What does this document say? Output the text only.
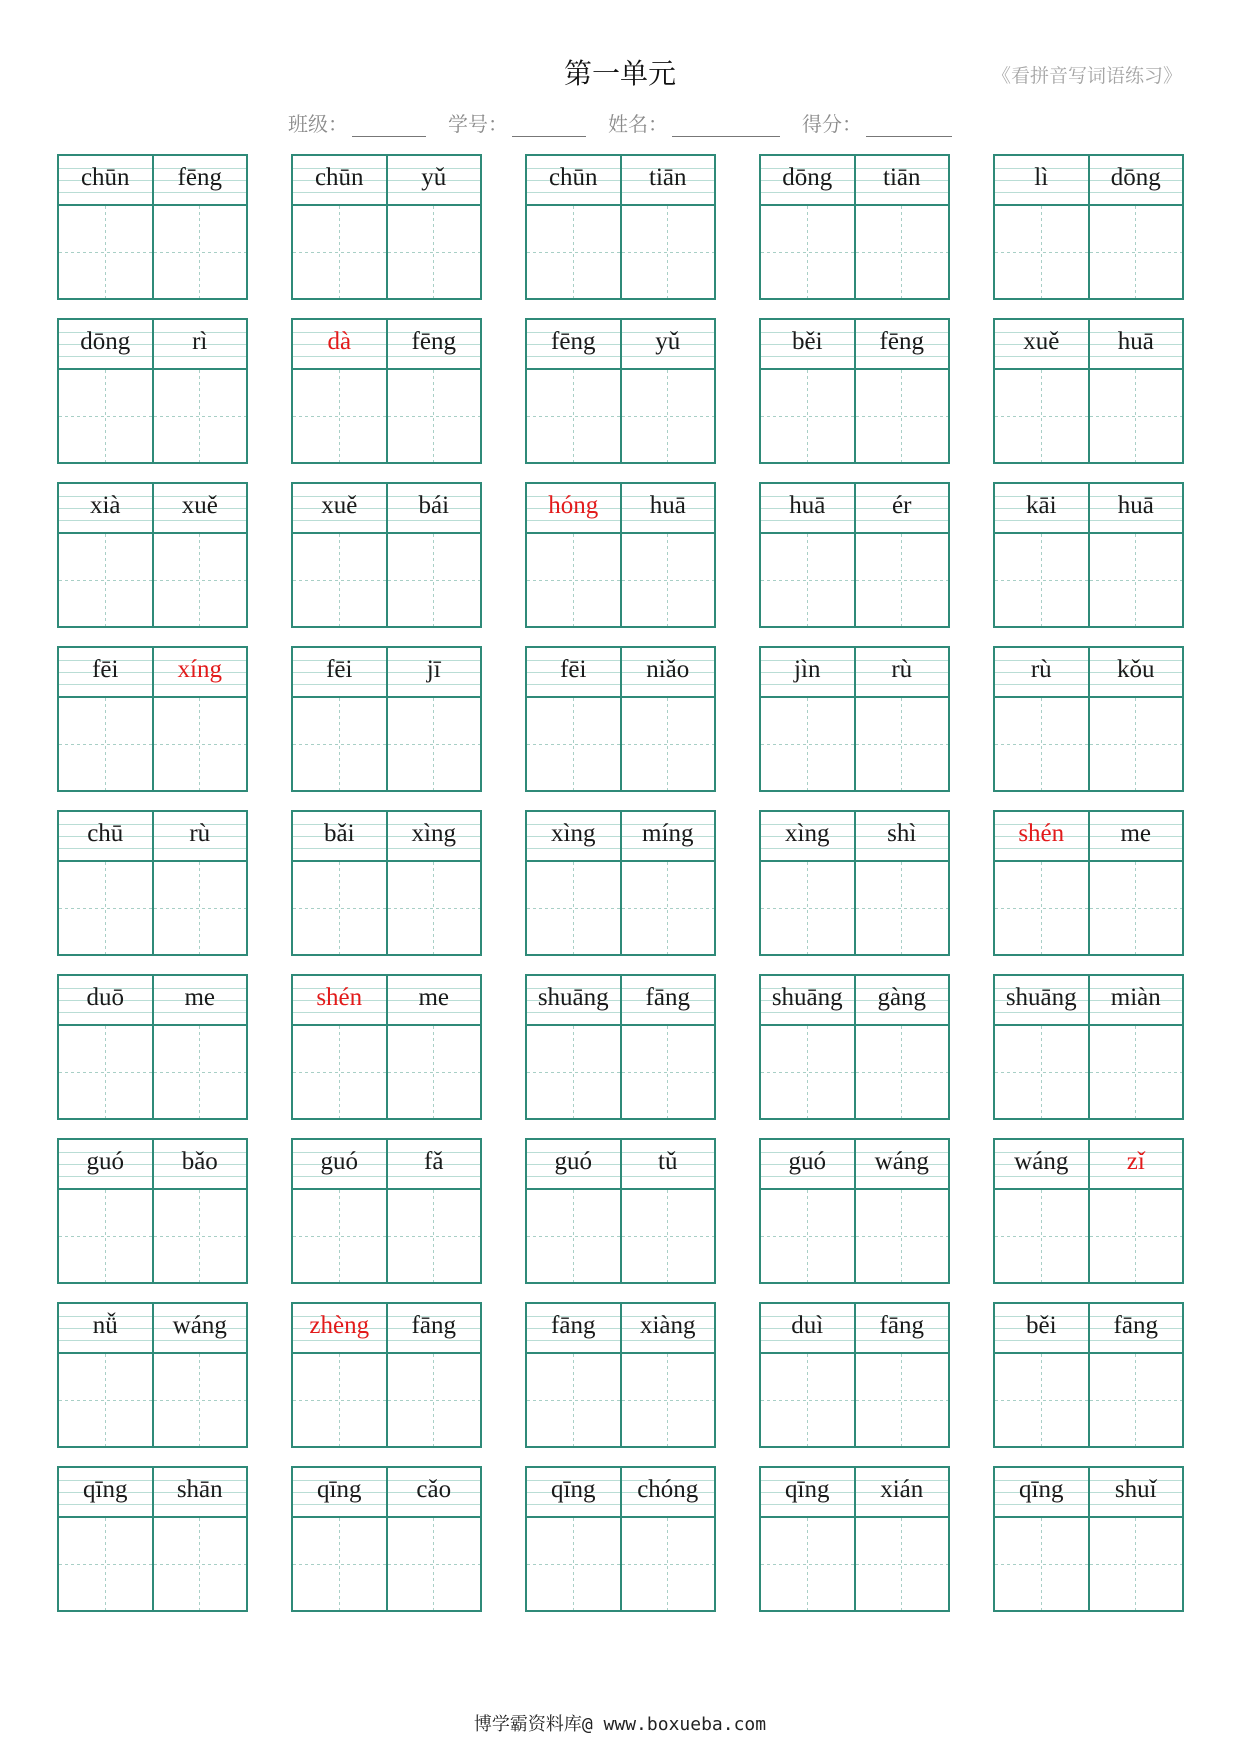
第一单元	《看拼音写词语练习》
班级：	学号：	姓名：	得分：
chūn	fēng	chūn	yǔ	chūn	tiān	dōng	tiān	lì	dōng
dōng	rì	dà	fēng	fēng	yǔ	běi	fēng	xuě	huā
xià	xuě	xuě	bái	hóng	huā	huā	ér	kāi	huā
fēi	xíng	fēi	jī	fēi	niǎo	jìn	rù	rù	kǒu
chū	rù	bǎi	xìng	xìng	míng	xìng	shì	shén	me
duō	me	shén	me	shuāng	fāng	shuāng	gàng	shuāng	miàn
guó	bǎo	guó	fǎ	guó	tǔ	guó	wáng	wáng	zǐ
nǚ	wáng	zhèng	fāng	fāng	xiàng	duì	fāng	běi	fāng
qīng	shān	qīng	cǎo	qīng	chóng	qīng	xián	qīng	shuǐ
博学霸资料库@ www.boxueba.com
